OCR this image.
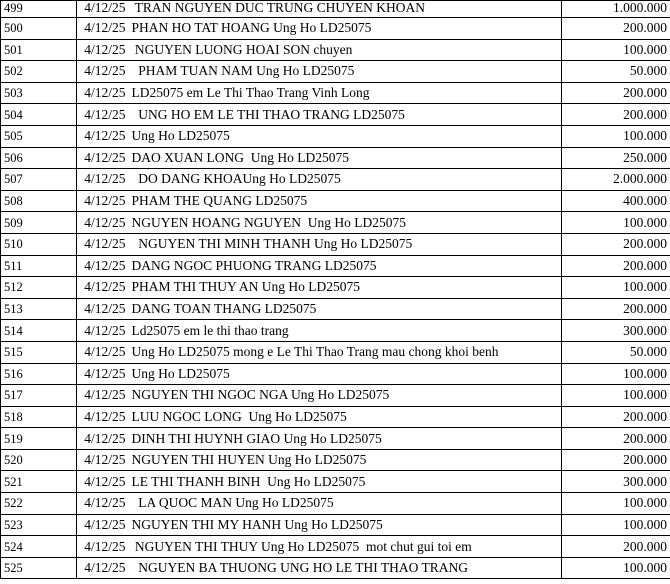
499	4/12/25	TRAN NGUYEN DUC TRUNG CHUYEN KHOAN	1.000.000
500	4/12/25	PHAN HO TAT HOANG Ung Ho LD25075	200.000
501	4/12/25	NGUYEN LUONG HOAI SON chuyen	100.000
502	4/12/25	PHAM TUAN NAM Ung Ho LD25075	50.000
503	4/12/25	LD25075 em Le Thi Thao Trang Vinh Long	200.000
504	4/12/25	UNG HO EM LE THI THAO TRANG LD25075	200.000
505	4/12/25	Ung Ho LD25075	100.000
506	4/12/25	DAO XUAN LONG  Ung Ho LD25075	250.000
507	4/12/25	DO DANG KHOAUng Ho LD25075	2.000.000
508	4/12/25	PHAM THE QUANG LD25075	400.000
509	4/12/25	NGUYEN HOANG NGUYEN  Ung Ho LD25075	100.000
510	4/12/25	NGUYEN THI MINH THANH Ung Ho LD25075	200.000
511	4/12/25	DANG NGOC PHUONG TRANG LD25075	200.000
512	4/12/25	PHAM THI THUY AN Ung Ho LD25075	100.000
513	4/12/25	DANG TOAN THANG LD25075	200.000
514	4/12/25	Ld25075 em le thi thao trang	300.000
515	4/12/25	Ung Ho LD25075 mong e Le Thi Thao Trang mau chong khoi benh	50.000
516	4/12/25	Ung Ho LD25075	100.000
517	4/12/25	NGUYEN THI NGOC NGA Ung Ho LD25075	100.000
518	4/12/25	LUU NGOC LONG  Ung Ho LD25075	200.000
519	4/12/25	DINH THI HUYNH GIAO Ung Ho LD25075	200.000
520	4/12/25	NGUYEN THI HUYEN Ung Ho LD25075	200.000
521	4/12/25	LE THI THANH BINH  Ung Ho LD25075	300.000
522	4/12/25	LA QUOC MAN Ung Ho LD25075	100.000
523	4/12/25	NGUYEN THI MY HANH Ung Ho LD25075	100.000
524	4/12/25	NGUYEN THI THUY Ung Ho LD25075  mot chut gui toi em	200.000
525	4/12/25	NGUYEN BA THUONG UNG HO LE THI THAO TRANG	100.000
